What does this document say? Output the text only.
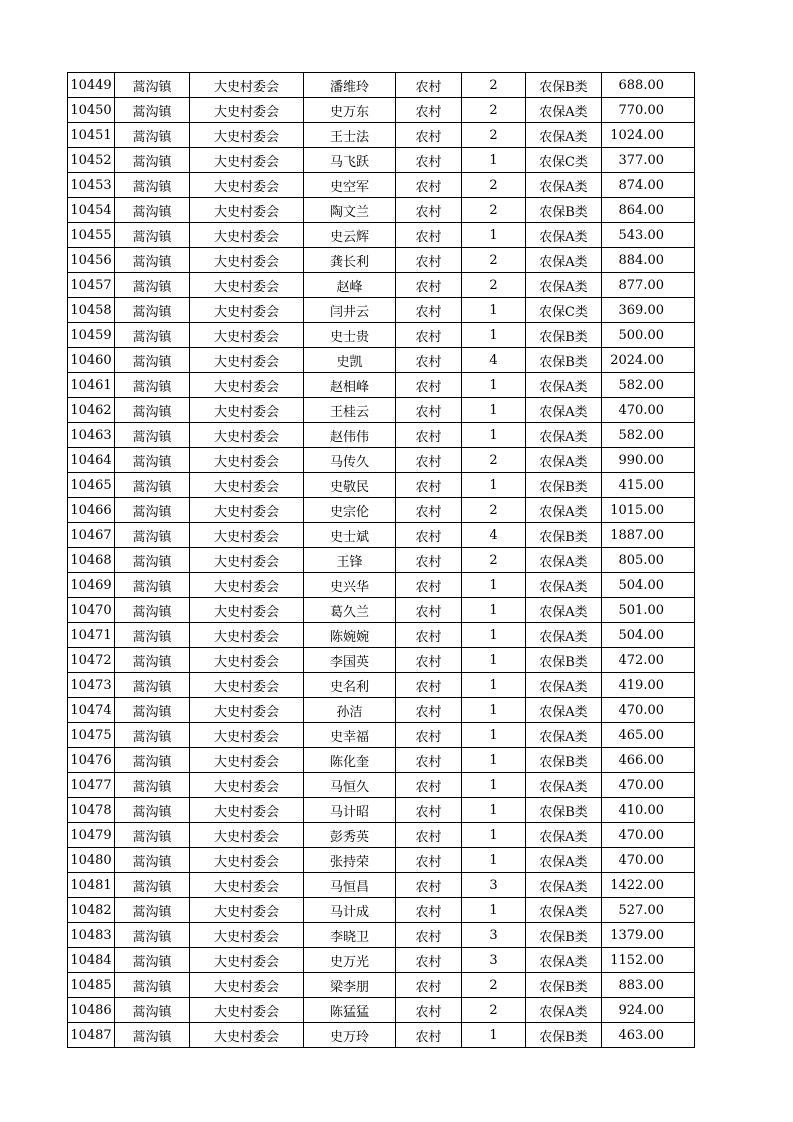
10449	蒿沟镇	大史村委会	潘维玲	农村	2	农保B类	688.00
10450	蒿沟镇	大史村委会	史万东	农村	2	农保A类	770.00
10451	蒿沟镇	大史村委会	王士法	农村	2	农保A类	1024.00
10452	蒿沟镇	大史村委会	马飞跃	农村	1	农保C类	377.00
10453	蒿沟镇	大史村委会	史空军	农村	2	农保A类	874.00
10454	蒿沟镇	大史村委会	陶文兰	农村	2	农保B类	864.00
10455	蒿沟镇	大史村委会	史云辉	农村	1	农保A类	543.00
10456	蒿沟镇	大史村委会	龚长利	农村	2	农保A类	884.00
10457	蒿沟镇	大史村委会	赵峰	农村	2	农保A类	877.00
10458	蒿沟镇	大史村委会	闫井云	农村	1	农保C类	369.00
10459	蒿沟镇	大史村委会	史士贵	农村	1	农保B类	500.00
10460	蒿沟镇	大史村委会	史凯	农村	4	农保B类	2024.00
10461	蒿沟镇	大史村委会	赵相峰	农村	1	农保A类	582.00
10462	蒿沟镇	大史村委会	王桂云	农村	1	农保A类	470.00
10463	蒿沟镇	大史村委会	赵伟伟	农村	1	农保A类	582.00
10464	蒿沟镇	大史村委会	马传久	农村	2	农保A类	990.00
10465	蒿沟镇	大史村委会	史敬民	农村	1	农保B类	415.00
10466	蒿沟镇	大史村委会	史宗伦	农村	2	农保A类	1015.00
10467	蒿沟镇	大史村委会	史士斌	农村	4	农保B类	1887.00
10468	蒿沟镇	大史村委会	王锋	农村	2	农保A类	805.00
10469	蒿沟镇	大史村委会	史兴华	农村	1	农保A类	504.00
10470	蒿沟镇	大史村委会	葛久兰	农村	1	农保A类	501.00
10471	蒿沟镇	大史村委会	陈婉婉	农村	1	农保A类	504.00
10472	蒿沟镇	大史村委会	李国英	农村	1	农保B类	472.00
10473	蒿沟镇	大史村委会	史名利	农村	1	农保A类	419.00
10474	蒿沟镇	大史村委会	孙洁	农村	1	农保A类	470.00
10475	蒿沟镇	大史村委会	史幸福	农村	1	农保A类	465.00
10476	蒿沟镇	大史村委会	陈化奎	农村	1	农保B类	466.00
10477	蒿沟镇	大史村委会	马恒久	农村	1	农保A类	470.00
10478	蒿沟镇	大史村委会	马计昭	农村	1	农保B类	410.00
10479	蒿沟镇	大史村委会	彭秀英	农村	1	农保A类	470.00
10480	蒿沟镇	大史村委会	张持荣	农村	1	农保A类	470.00
10481	蒿沟镇	大史村委会	马恒昌	农村	3	农保A类	1422.00
10482	蒿沟镇	大史村委会	马计成	农村	1	农保A类	527.00
10483	蒿沟镇	大史村委会	李晓卫	农村	3	农保B类	1379.00
10484	蒿沟镇	大史村委会	史万光	农村	3	农保A类	1152.00
10485	蒿沟镇	大史村委会	梁李朋	农村	2	农保B类	883.00
10486	蒿沟镇	大史村委会	陈猛猛	农村	2	农保A类	924.00
10487	蒿沟镇	大史村委会	史万玲	农村	1	农保B类	463.00
